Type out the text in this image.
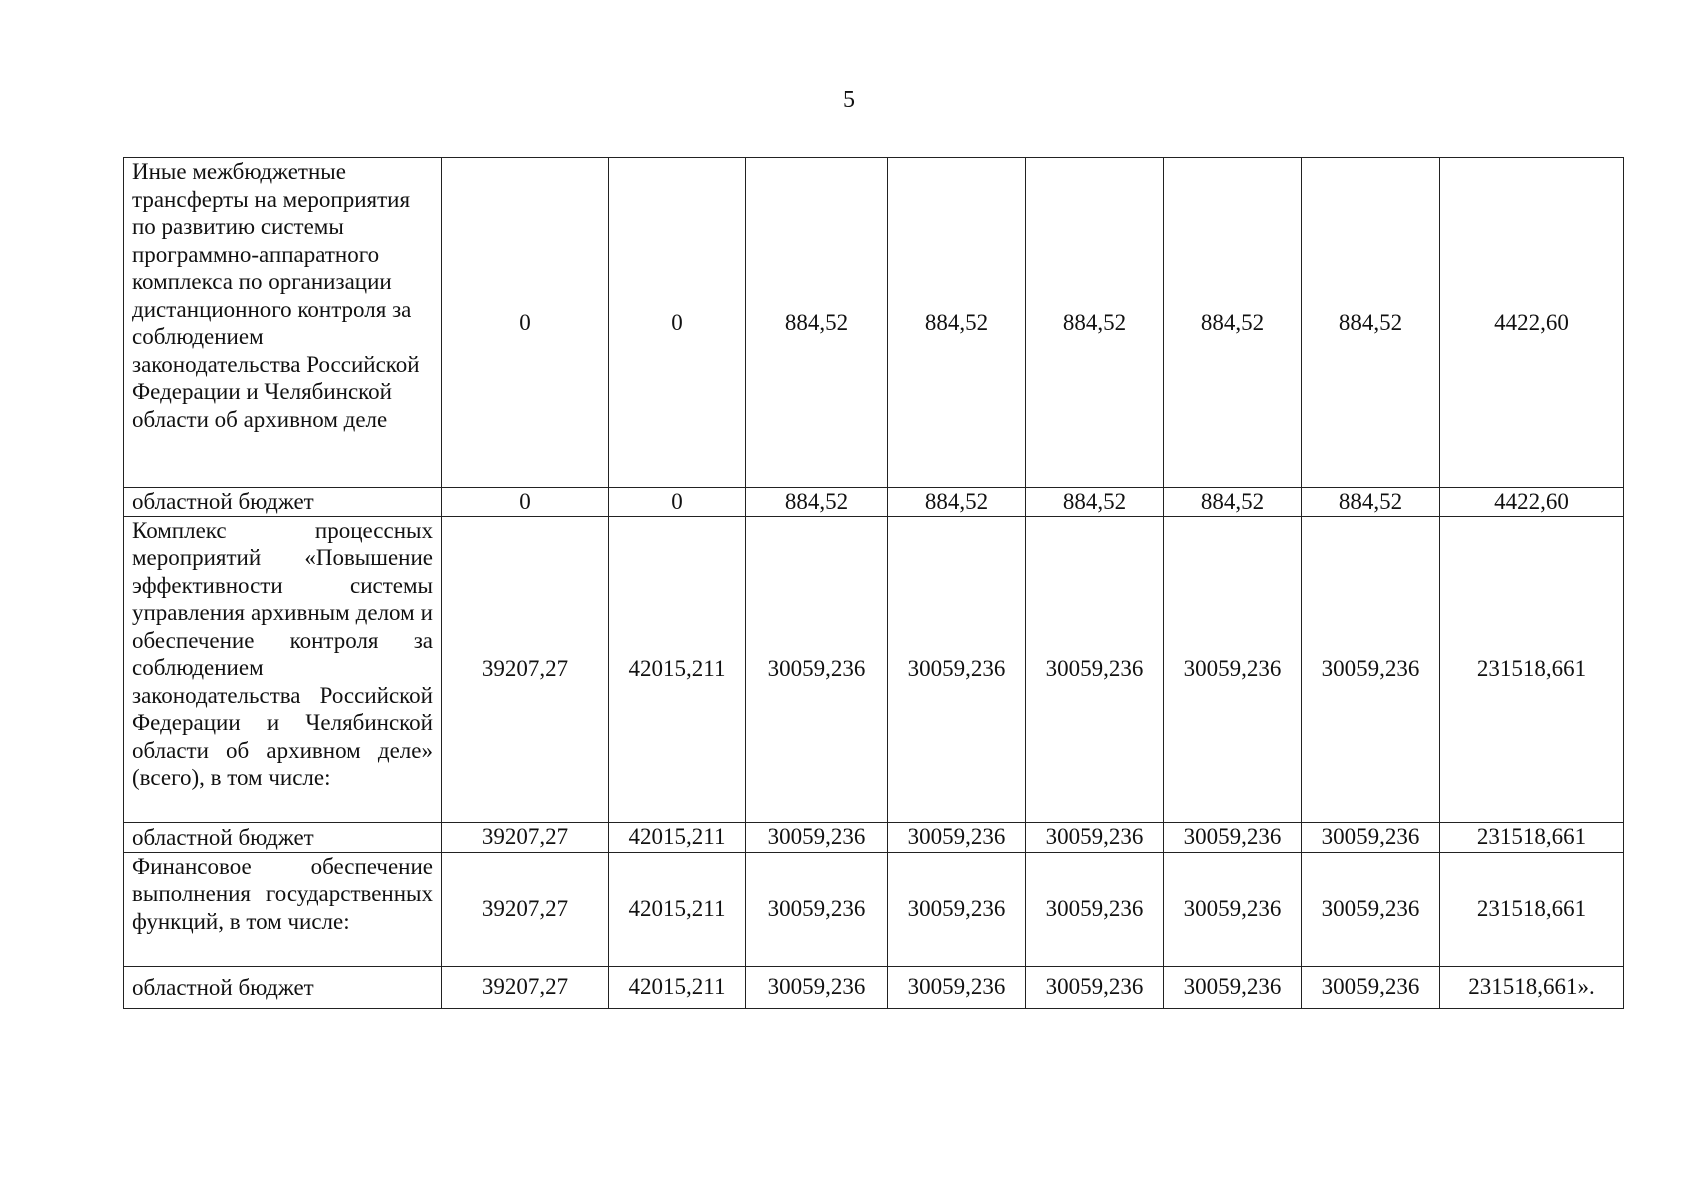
5
Иные межбюджетные трансферты на мероприятия по развитию системы программно-аппаратного комплекса по организации дистанционного контроля за соблюдением законодательства Российской Федерации и Челябинской области об архивном деле	0	0	884,52	884,52	884,52	884,52	884,52	4422,60
областной бюджет	0	0	884,52	884,52	884,52	884,52	884,52	4422,60
Комплекс процессных мероприятий «Повышение эффективности системы управления архивным делом и обеспечение контроля за соблюдением законодательства Российской Федерации и Челябинской области об архивном деле» (всего), в том числе:	39207,27	42015,211	30059,236	30059,236	30059,236	30059,236	30059,236	231518,661
областной бюджет	39207,27	42015,211	30059,236	30059,236	30059,236	30059,236	30059,236	231518,661
Финансовое обеспечение выполнения государственных функций, в том числе:	39207,27	42015,211	30059,236	30059,236	30059,236	30059,236	30059,236	231518,661
областной бюджет	39207,27	42015,211	30059,236	30059,236	30059,236	30059,236	30059,236	231518,661».
